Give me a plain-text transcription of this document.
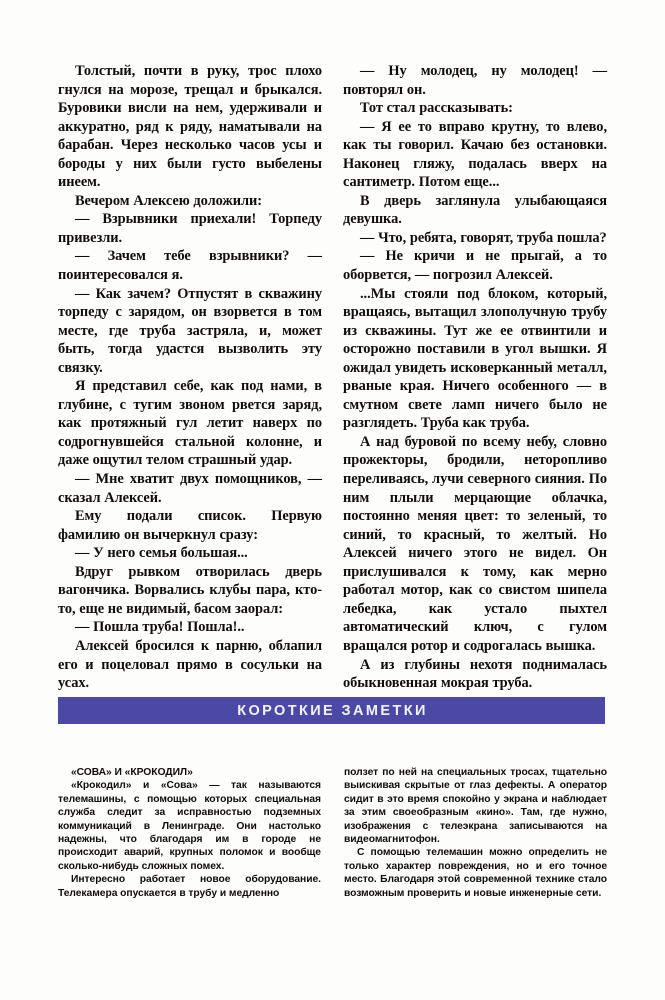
Толстый, почти в руку, трос плохо гнулся на морозе, трещал и брыкался. Буровики висли на нем, удерживали и аккуратно, ряд к ряду, наматывали на барабан. Через несколько часов усы и бороды у них были густо выбелены инеем.

Вечером Алексею доложили:

— Взрывники приехали! Торпеду привезли.

— Зачем тебе взрывники? — поинтересовался я.

— Как зачем? Отпустят в скважину торпеду с зарядом, он взорвется в том месте, где труба застряла, и, может быть, тогда удастся вызволить эту связку.

Я представил себе, как под нами, в глубине, с тугим звоном рвется заряд, как протяжный гул летит наверх по содрогнувшейся стальной колонне, и даже ощутил телом страшный удар.

— Мне хватит двух помощников, — сказал Алексей.

Ему подали список. Первую фамилию он вычеркнул сразу:

— У него семья большая...

Вдруг рывком отворилась дверь вагончика. Ворвались клубы пара, кто-то, еще не видимый, басом заорал:

— Пошла труба! Пошла!..

Алексей бросился к парню, облапил его и поцеловал прямо в сосульки на усах.

— Ну молодец, ну молодец! — повторял он.

Тот стал рассказывать:

— Я ее то вправо крутну, то влево, как ты говорил. Качаю без остановки. Наконец гляжу, подалась вверх на сантиметр. Потом еще...

В дверь заглянула улыбающаяся девушка.

— Что, ребята, говорят, труба пошла?

— Не кричи и не прыгай, а то оборвется, — погрозил Алексей.

...Мы стояли под блоком, который, вращаясь, вытащил злополучную трубу из скважины. Тут же ее отвинтили и осторожно поставили в угол вышки. Я ожидал увидеть исковерканный металл, рваные края. Ничего особенного — в смутном свете ламп ничего было не разглядеть. Труба как труба.

А над буровой по всему небу, словно прожекторы, бродили, неторопливо переливаясь, лучи северного сияния. По ним плыли мерцающие облачка, постоянно меняя цвет: то зеленый, то синий, то красный, то желтый. Но Алексей ничего этого не видел. Он прислушивался к тому, как мерно работал мотор, как со свистом шипела лебедка, как устало пыхтел автоматический ключ, с гулом вращался ротор и содрогалась вышка.

А из глубины нехотя поднималась обыкновенная мокрая труба.

КОРОТКИЕ ЗАМЕТКИ

«СОВА» И «КРОКОДИЛ»

«Крокодил» и «Сова» — так называются телемашины, с помощью которых специальная служба следит за исправностью подземных коммуникаций в Ленинграде. Они настолько надежны, что благодаря им в городе не происходит аварий, крупных поломок и вообще сколько-нибудь сложных помех.

Интересно работает новое оборудование. Телекамера опускается в трубу и медленно

ползет по ней на специальных тросах, тщательно выискивая скрытые от глаз дефекты. А оператор сидит в это время спокойно у экрана и наблюдает за этим своеобразным «кино». Там, где нужно, изображения с телеэкрана записываются на видеомагнитофон.

С помощью телемашин можно определить не только характер повреждения, но и его точное место. Благодаря этой современной технике стало возможным проверить и новые инженерные сети.
